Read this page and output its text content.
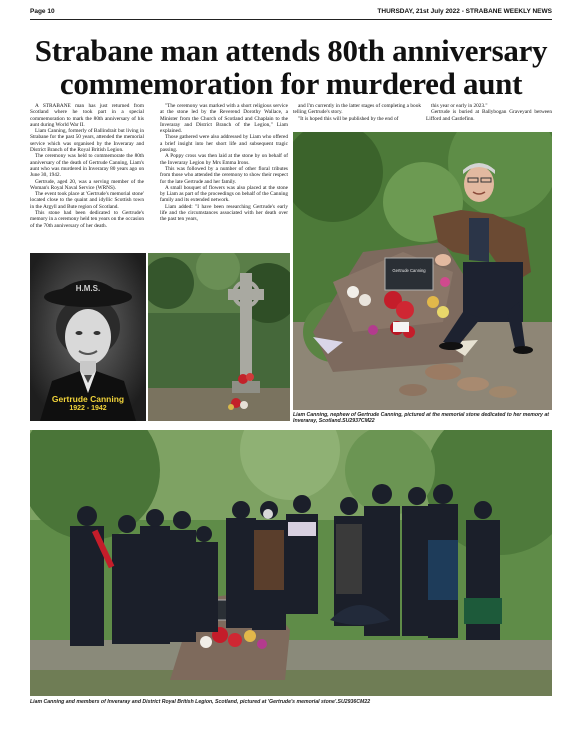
Page 10	THURSDAY, 21st July 2022 - STRABANE WEEKLY NEWS
Strabane man attends 80th anniversary
commemoration for murdered aunt

A STRABANE man has just returned from Scotland where he took part in a special commemoration to mark the 80th anniversary of his aunt during World War II.

Liam Canning, formerly of Ballindrait but living in Strabane for the past 50 years, attended the memorial service which was organised by the Inveraray and District Branch of the Royal British Legion.

The ceremony was held to commemorate the 80th anniversary of the death of Gertrude Canning, Liam's aunt who was murdered in Inveraray 80 years ago on June 30, 1942.

Gertrude, aged 20, was a serving member of the Woman's Royal Naval Service (WRNS).

The event took place at 'Gertrude's memorial stone' located close to the quaint and idyllic Scottish town in the Argyll and Bute region of Scotland.

This stone had been dedicated to Gertrude's memory in a ceremony held ten years on the occasion of the 70th anniversary of her death.

"The ceremony was marked with a short religious service at the stone led by the Reverend Dorothy Wallace, a Minister from the Church of Scotland and Chaplain to the Inveraray and District Branch of the Legion," Liam explained.

Those gathered were also addressed by Liam who offered a brief insight into her short life and subsequent tragic passing.

A Poppy cross was then laid at the stone by on behalf of the Inveraray Legion by Mrs Emma Irons.

This was followed by a number of other floral tributes from those who attended the ceremony to show their respect for the late Gertrude and her family.

A small bouquet of flowers was also placed at the stone by Liam as part of the proceedings on behalf of the Canning family and its extended network.

Liam added: "I have been researching Gertrude's early life and the circumstances associated with her death over the past ten years,

and I'm currently in the latter stages of completing a book telling Gertrude's story.

"It is hoped this will be published by the end of

this year or early in 2023."

Gertrude is buried at Ballybogan Graveyard between Lifford and Castlefinn.

H.M.S.
Gertrude Canning
1922 - 1942
Gertrude Canning
Liam Canning, nephew of Gertrude Canning, pictured at the memorial stone dedicated to her memory at Inveraray, Scotland.SU2937CM22
Liam Canning and members of Inveraray and District Royal British Legion, Scotland, pictured at 'Gertrude's memorial stone'.SU2936CM22
